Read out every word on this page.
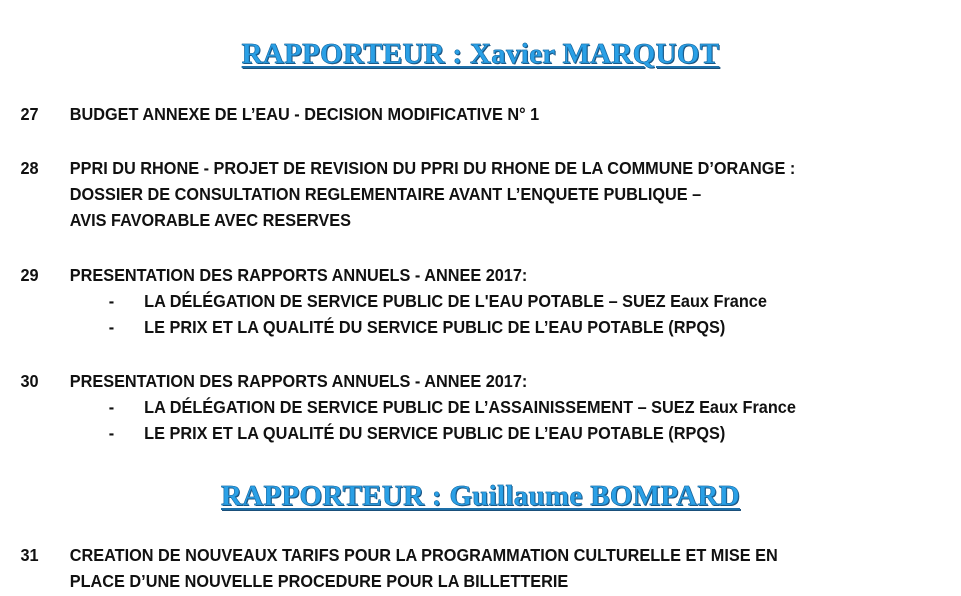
RAPPORTEUR : Xavier MARQUOT
27 BUDGET ANNEXE DE L’EAU - DECISION MODIFICATIVE N° 1
28 PPRI DU RHONE - PROJET DE REVISION DU PPRI DU RHONE DE LA COMMUNE D’ORANGE :
DOSSIER DE CONSULTATION REGLEMENTAIRE AVANT L’ENQUETE PUBLIQUE –
AVIS FAVORABLE AVEC RESERVES
29 PRESENTATION DES RAPPORTS ANNUELS - ANNEE 2017:
- LA DÉLÉGATION DE SERVICE PUBLIC DE L'EAU POTABLE – SUEZ Eaux France
- LE PRIX ET LA QUALITÉ DU SERVICE PUBLIC DE L’EAU POTABLE (RPQS)
30 PRESENTATION DES RAPPORTS ANNUELS - ANNEE 2017:
- LA DÉLÉGATION DE SERVICE PUBLIC DE L’ASSAINISSEMENT – SUEZ Eaux France
- LE PRIX ET LA QUALITÉ DU SERVICE PUBLIC DE L’EAU POTABLE (RPQS)
RAPPORTEUR : Guillaume BOMPARD
31 CREATION DE NOUVEAUX TARIFS POUR LA PROGRAMMATION CULTURELLE ET MISE EN
PLACE D’UNE NOUVELLE PROCEDURE POUR LA BILLETTERIE
